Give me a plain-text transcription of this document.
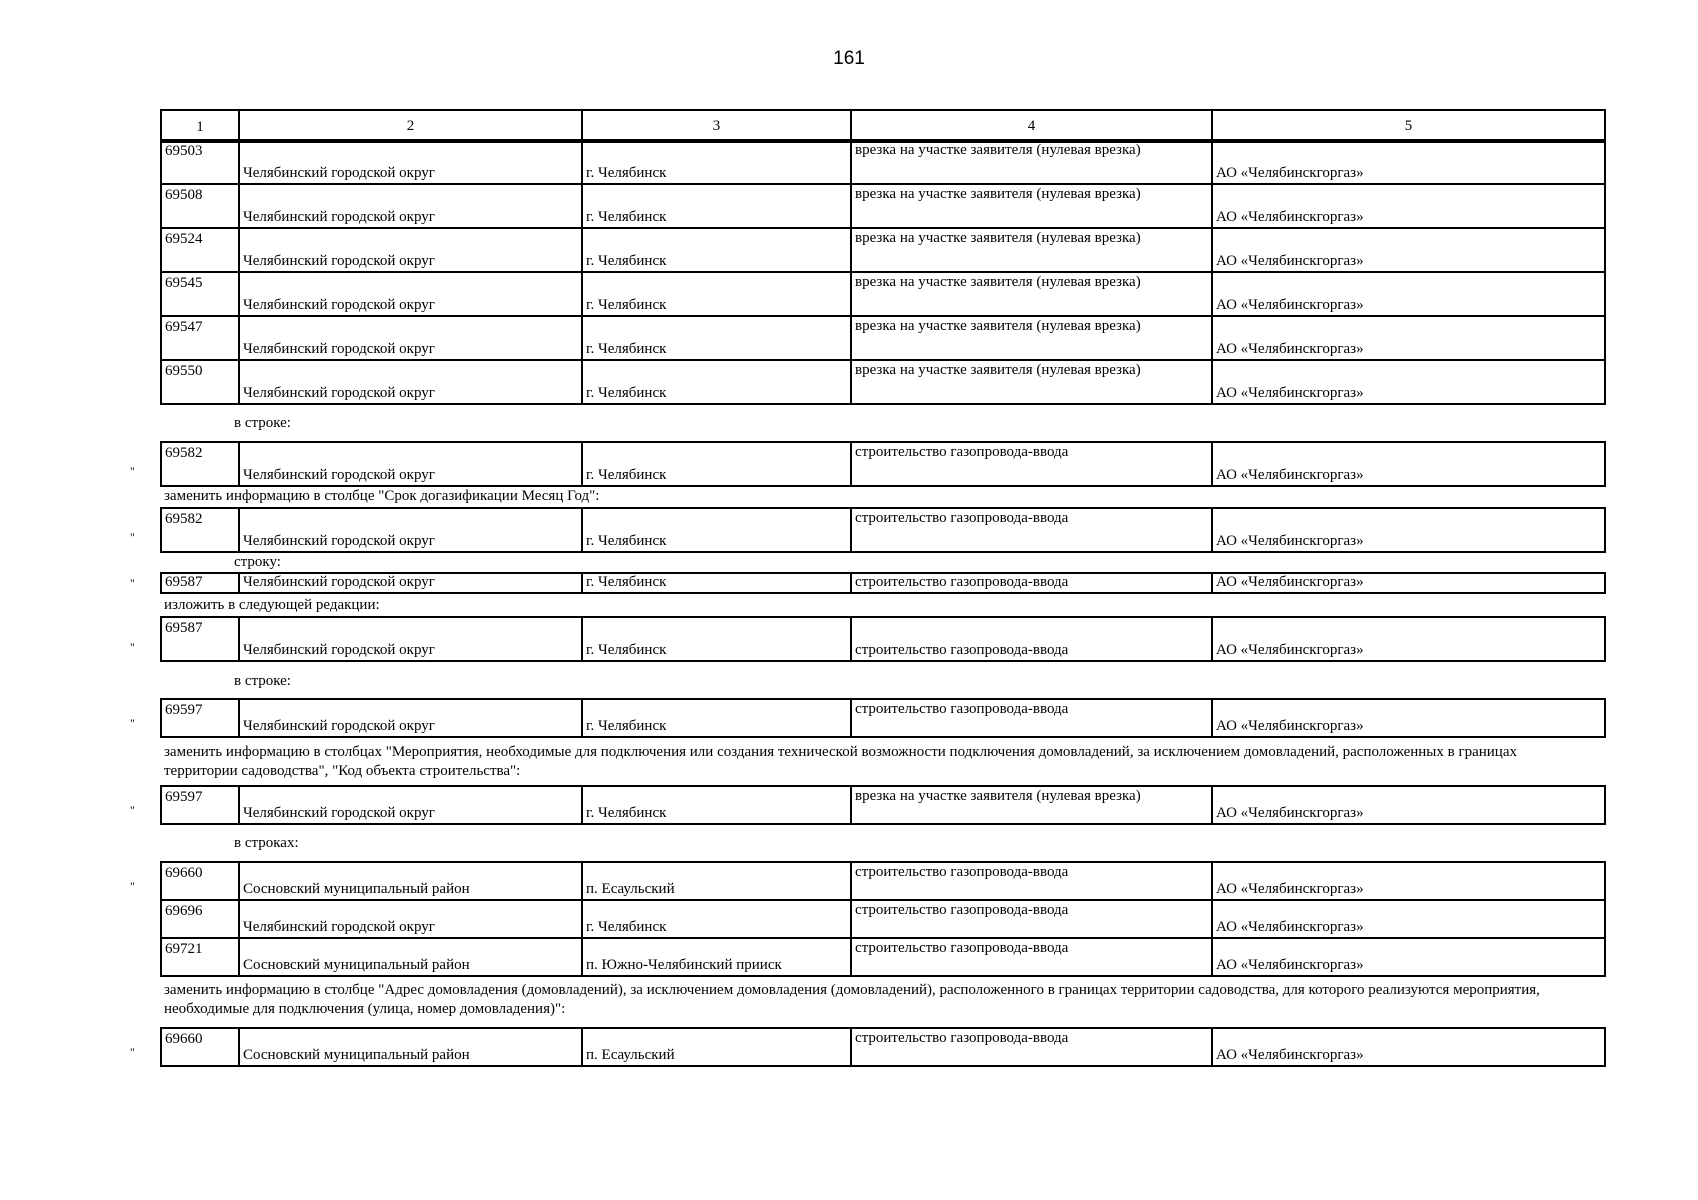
161
1	2	3	4	5
69503	Челябинский городской округ	г. Челябинск	врезка на участке заявителя (нулевая врезка)	АО «Челябинскгоргаз»
69508	Челябинский городской округ	г. Челябинск	врезка на участке заявителя (нулевая врезка)	АО «Челябинскгоргаз»
69524	Челябинский городской округ	г. Челябинск	врезка на участке заявителя (нулевая врезка)	АО «Челябинскгоргаз»
69545	Челябинский городской округ	г. Челябинск	врезка на участке заявителя (нулевая врезка)	АО «Челябинскгоргаз»
69547	Челябинский городской округ	г. Челябинск	врезка на участке заявителя (нулевая врезка)	АО «Челябинскгоргаз»
69550	Челябинский городской округ	г. Челябинск	врезка на участке заявителя (нулевая врезка)	АО «Челябинскгоргаз»
в строке:
"
69582	Челябинский городской округ	г. Челябинск	строительство газопровода-ввода	АО «Челябинскгоргаз»
заменить информацию в столбце "Срок догазификации Месяц Год":
"
69582	Челябинский городской округ	г. Челябинск	строительство газопровода-ввода	АО «Челябинскгоргаз»
строку:
" 69587	Челябинский городской округ	г. Челябинск	строительство газопровода-ввода	АО «Челябинскгоргаз»
изложить в следующей редакции:
"
69587	Челябинский городской округ	г. Челябинск	строительство газопровода-ввода	АО «Челябинскгоргаз»
в строке:
"
69597	Челябинский городской округ	г. Челябинск	строительство газопровода-ввода	АО «Челябинскгоргаз»
заменить информацию в столбцах "Мероприятия, необходимые для подключения или создания технической возможности подключения домовладений, за исключением домовладений, расположенных в границах территории садоводства", "Код объекта строительства":
"
69597	Челябинский городской округ	г. Челябинск	врезка на участке заявителя (нулевая врезка)	АО «Челябинскгоргаз»
в строках:
"
69660	Сосновский муниципальный район	п. Есаульский	строительство газопровода-ввода	АО «Челябинскгоргаз»
69696	Челябинский городской округ	г. Челябинск	строительство газопровода-ввода	АО «Челябинскгоргаз»
69721	Сосновский муниципальный район	п. Южно-Челябинский прииск	строительство газопровода-ввода	АО «Челябинскгоргаз»
заменить информацию в столбце "Адрес домовладения (домовладений), за исключением домовладения (домовладений), расположенного в границах территории садоводства, для которого реализуются мероприятия, необходимые для подключения (улица, номер домовладения)":
"
69660	Сосновский муниципальный район	п. Есаульский	строительство газопровода-ввода	АО «Челябинскгоргаз»
